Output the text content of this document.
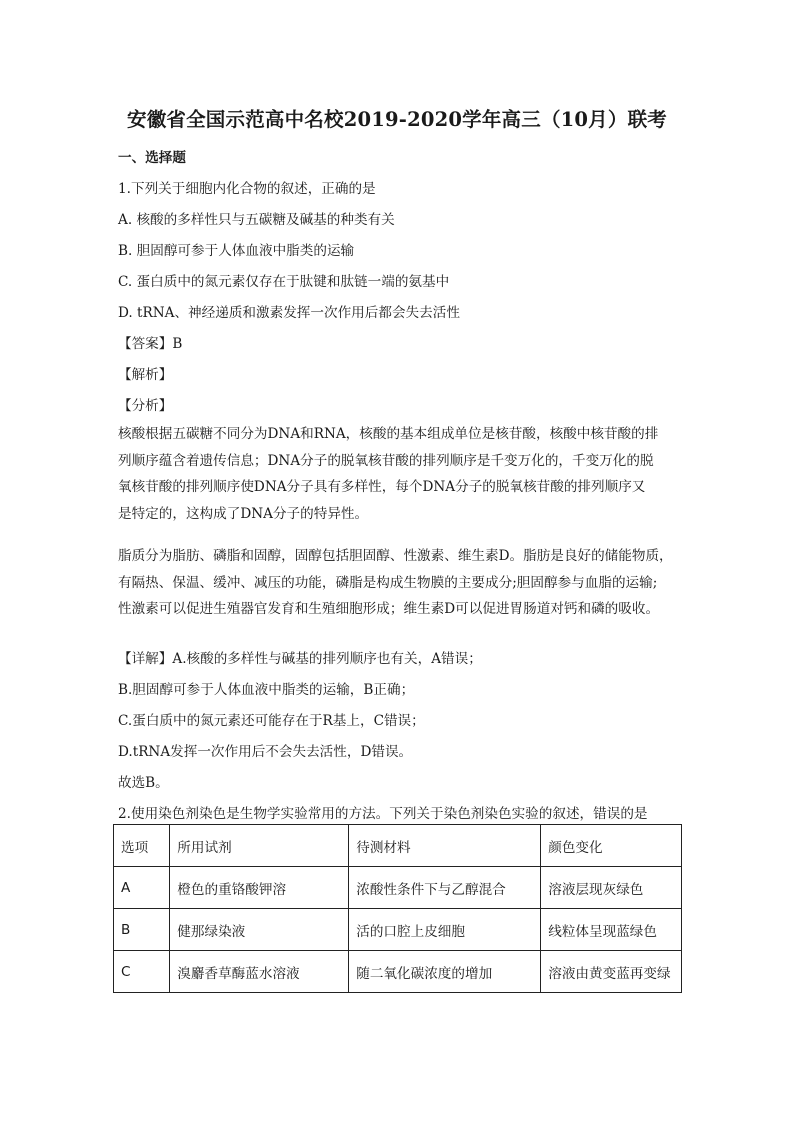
安徽省全国示范高中名校2019-2020学年高三（10月）联考
一、选择题
1.下列关于细胞内化合物的叙述，正确的是
A. 核酸的多样性只与五碳糖及碱基的种类有关
B. 胆固醇可参于人体血液中脂类的运输
C. 蛋白质中的氮元素仅存在于肽键和肽链一端的氨基中
D. tRNA、神经递质和激素发挥一次作用后都会失去活性
【答案】B
【解析】
【分析】
核酸根据五碳糖不同分为DNA和RNA，核酸的基本组成单位是核苷酸，核酸中核苷酸的排
列顺序蕴含着遗传信息；DNA分子的脱氧核苷酸的排列顺序是千变万化的，千变万化的脱
氧核苷酸的排列顺序使DNA分子具有多样性，每个DNA分子的脱氧核苷酸的排列顺序又
是特定的，这构成了DNA分子的特异性。
脂质分为脂肪、磷脂和固醇，固醇包括胆固醇、性激素、维生素D。脂肪是良好的储能物质，
有隔热、保温、缓冲、减压的功能，磷脂是构成生物膜的主要成分;胆固醇参与血脂的运输;
性激素可以促进生殖器官发育和生殖细胞形成；维生素D可以促进胃肠道对钙和磷的吸收。
【详解】A.核酸的多样性与碱基的排列顺序也有关，A错误；
B.胆固醇可参于人体血液中脂类的运输，B正确；
C.蛋白质中的氮元素还可能存在于R基上，C错误；
D.tRNA发挥一次作用后不会失去活性，D错误。
故选B。
2.使用染色剂染色是生物学实验常用的方法。下列关于染色剂染色实验的叙述，错误的是
选项	所用试剂	待测材料	颜色变化
A	橙色的重铬酸钾溶	浓酸性条件下与乙醇混合	溶液层现灰绿色
B	健那绿染液	活的口腔上皮细胞	线粒体呈现蓝绿色
C	溴麝香草酶蓝水溶液	随二氧化碳浓度的增加	溶液由黄变蓝再变绿
